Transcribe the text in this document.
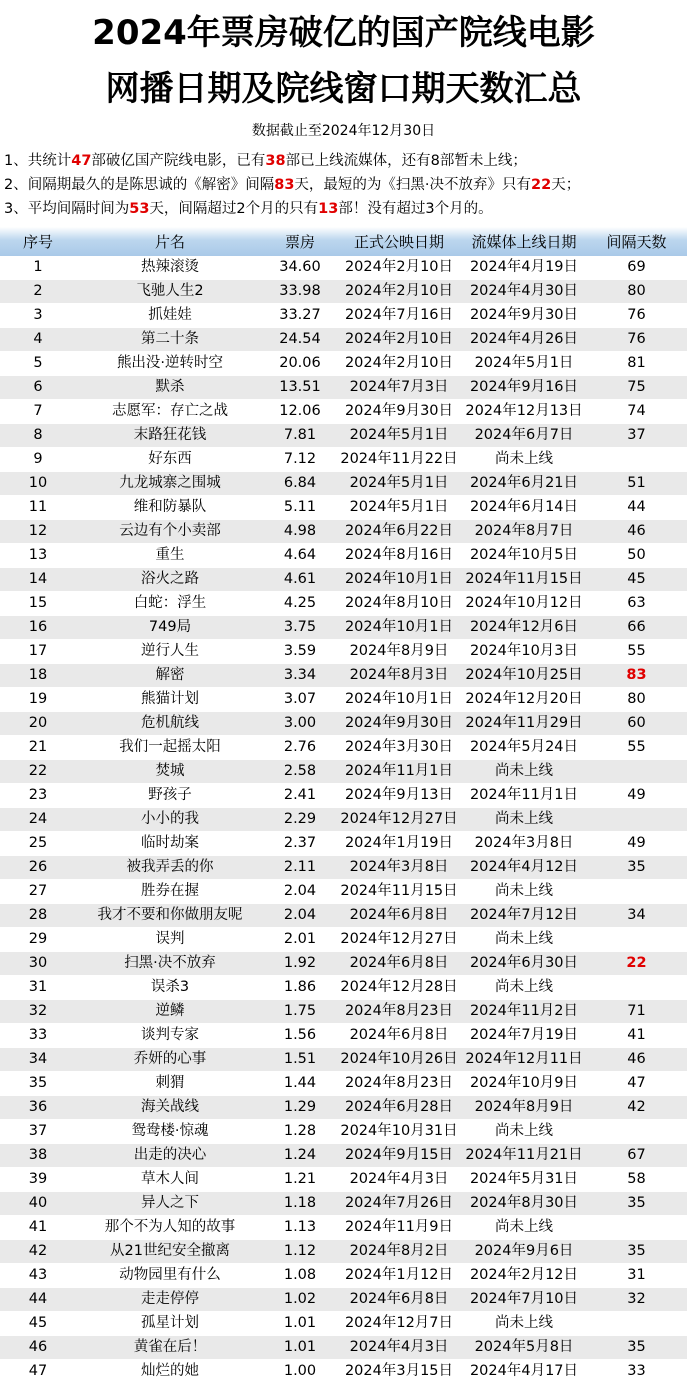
2024年票房破亿的国产院线电影
网播日期及院线窗口期天数汇总
数据截止至2024年12月30日
1、共统计47部破亿国产院线电影，已有38部已上线流媒体，还有8部暂未上线；
2、间隔期最久的是陈思诚的《解密》间隔83天，最短的为《扫黑·决不放弃》只有22天；
3、平均间隔时间为53天，间隔超过2个月的只有13部！没有超过3个月的。
序号	片名	票房	正式公映日期	流媒体上线日期	间隔天数
1	热辣滚烫	34.60	2024年2月10日	2024年4月19日	69
2	飞驰人生2	33.98	2024年2月10日	2024年4月30日	80
3	抓娃娃	33.27	2024年7月16日	2024年9月30日	76
4	第二十条	24.54	2024年2月10日	2024年4月26日	76
5	熊出没·逆转时空	20.06	2024年2月10日	2024年5月1日	81
6	默杀	13.51	2024年7月3日	2024年9月16日	75
7	志愿军：存亡之战	12.06	2024年9月30日	2024年12月13日	74
8	末路狂花钱	7.81	2024年5月1日	2024年6月7日	37
9	好东西	7.12	2024年11月22日	尚未上线	
10	九龙城寨之围城	6.84	2024年5月1日	2024年6月21日	51
11	维和防暴队	5.11	2024年5月1日	2024年6月14日	44
12	云边有个小卖部	4.98	2024年6月22日	2024年8月7日	46
13	重生	4.64	2024年8月16日	2024年10月5日	50
14	浴火之路	4.61	2024年10月1日	2024年11月15日	45
15	白蛇：浮生	4.25	2024年8月10日	2024年10月12日	63
16	749局	3.75	2024年10月1日	2024年12月6日	66
17	逆行人生	3.59	2024年8月9日	2024年10月3日	55
18	解密	3.34	2024年8月3日	2024年10月25日	83
19	熊猫计划	3.07	2024年10月1日	2024年12月20日	80
20	危机航线	3.00	2024年9月30日	2024年11月29日	60
21	我们一起摇太阳	2.76	2024年3月30日	2024年5月24日	55
22	焚城	2.58	2024年11月1日	尚未上线	
23	野孩子	2.41	2024年9月13日	2024年11月1日	49
24	小小的我	2.29	2024年12月27日	尚未上线	
25	临时劫案	2.37	2024年1月19日	2024年3月8日	49
26	被我弄丢的你	2.11	2024年3月8日	2024年4月12日	35
27	胜券在握	2.04	2024年11月15日	尚未上线	
28	我才不要和你做朋友呢	2.04	2024年6月8日	2024年7月12日	34
29	误判	2.01	2024年12月27日	尚未上线	
30	扫黑·决不放弃	1.92	2024年6月8日	2024年6月30日	22
31	误杀3	1.86	2024年12月28日	尚未上线	
32	逆鳞	1.75	2024年8月23日	2024年11月2日	71
33	谈判专家	1.56	2024年6月8日	2024年7月19日	41
34	乔妍的心事	1.51	2024年10月26日	2024年12月11日	46
35	刺猬	1.44	2024年8月23日	2024年10月9日	47
36	海关战线	1.29	2024年6月28日	2024年8月9日	42
37	鸳鸯楼·惊魂	1.28	2024年10月31日	尚未上线	
38	出走的决心	1.24	2024年9月15日	2024年11月21日	67
39	草木人间	1.21	2024年4月3日	2024年5月31日	58
40	异人之下	1.18	2024年7月26日	2024年8月30日	35
41	那个不为人知的故事	1.13	2024年11月9日	尚未上线	
42	从21世纪安全撤离	1.12	2024年8月2日	2024年9月6日	35
43	动物园里有什么	1.08	2024年1月12日	2024年2月12日	31
44	走走停停	1.02	2024年6月8日	2024年7月10日	32
45	孤星计划	1.01	2024年12月7日	尚未上线	
46	黄雀在后！	1.01	2024年4月3日	2024年5月8日	35
47	灿烂的她	1.00	2024年3月15日	2024年4月17日	33
